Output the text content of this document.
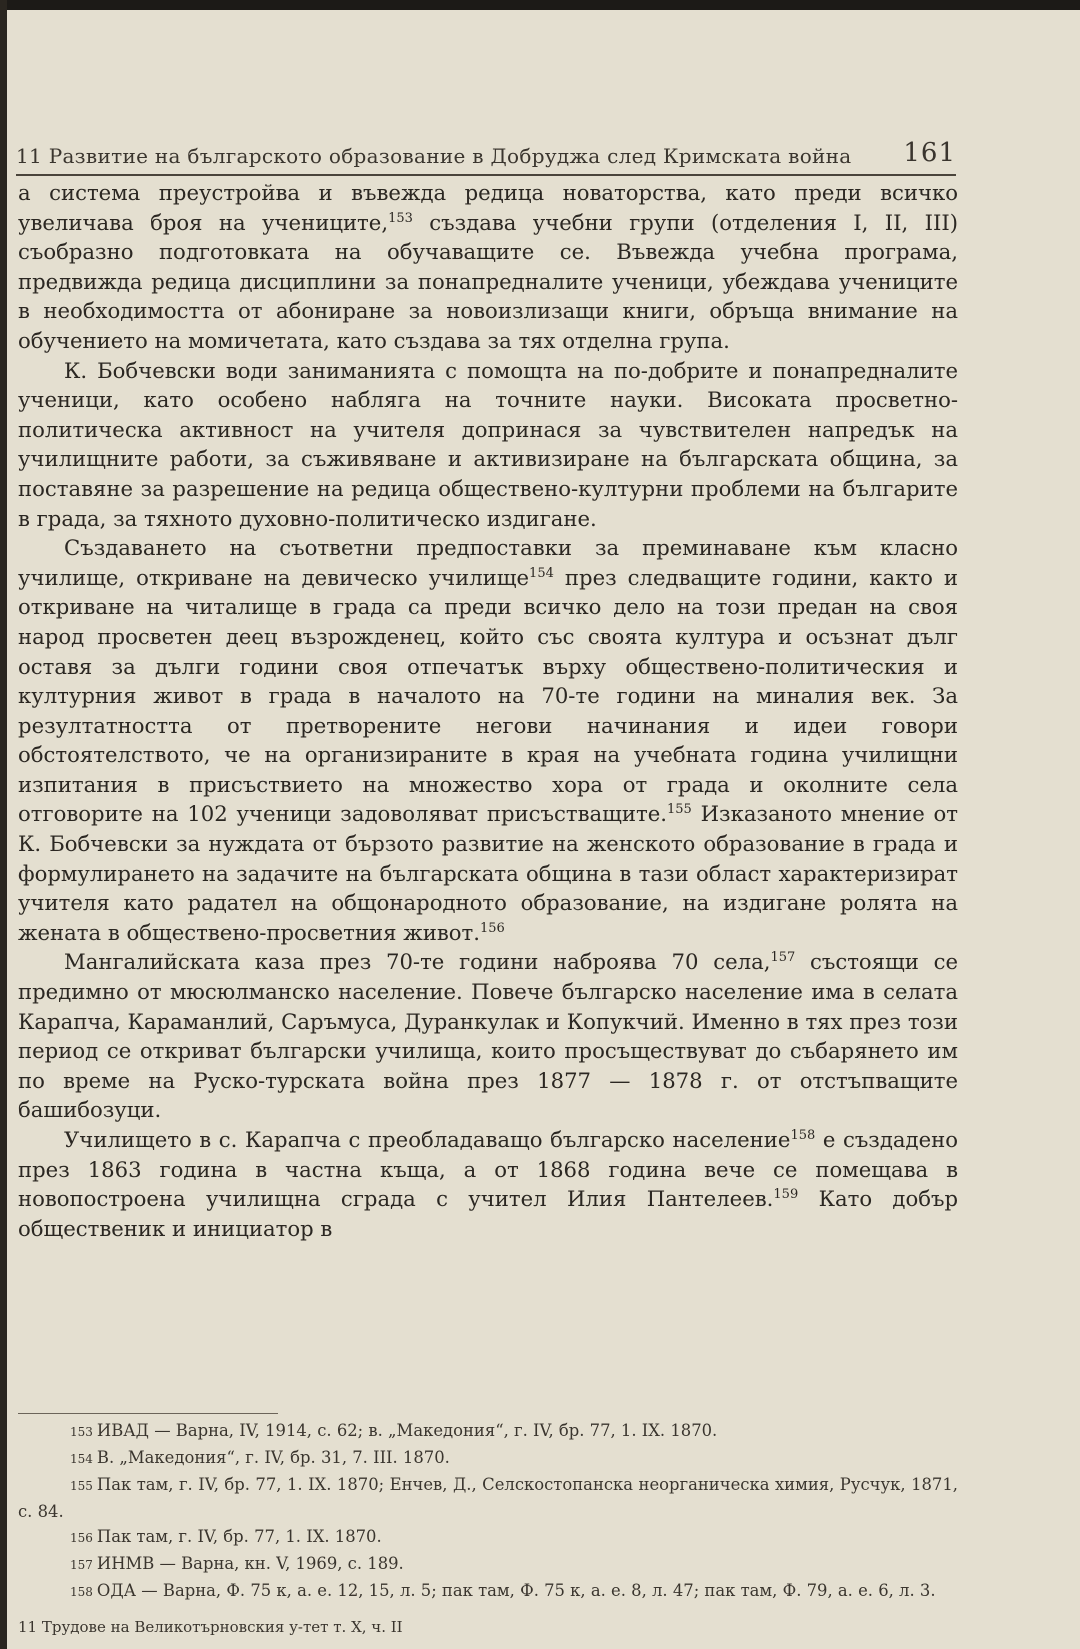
11 Развитие на българското образование в Добруджа след Кримската война 161

а система преустройва и въвежда редица новаторства, като преди всичко увеличава броя на учениците,$^{153}$ създава учебни групи (отделения I, II, III) съобразно подготовката на обучаващите се. Въвежда учебна програма, предвижда редица дисциплини за понапредналите ученици, убеждава учениците в необходимостта от абониране за новоизлизащи книги, обръща внимание на обучението на момичетата, като създава за тях отделна група.

К. Бобчевски води заниманията с помощта на по-добрите и понапредналите ученици, като особено набляга на точните науки. Високата просветно-политическа активност на учителя допринася за чувствителен напредък на училищните работи, за съживяване и активизиране на българската община, за поставяне за разрешение на редица обществено-културни проблеми на българите в града, за тяхното духовно-политическо издигане.

Създаването на съответни предпоставки за преминаване към класно училище, откриване на девическо училище$^{154}$ през следващите години, както и откриване на читалище в града са преди всичко дело на този предан на своя народ просветен деец възрожденец, който със своята култура и осъзнат дълг оставя за дълги години своя отпечатък върху обществено-политическия и културния живот в града в началото на 70-те години на миналия век. За резултатността от претворените негови начинания и идеи говори обстоятелството, че на организираните в края на учебната година училищни изпитания в присъствието на множество хора от града и околните села отговорите на 102 ученици задоволяват присъстващите.$^{155}$ Изказаното мнение от К. Бобчевски за нуждата от бързото развитие на женското образование в града и формулирането на задачите на българската община в тази област характеризират учителя като радател на общонародното образование, на издигане ролята на жената в обществено-просветния живот.$^{156}$

Мангалийската каза през 70-те години наброява 70 села,$^{157}$ състоящи се предимно от мюсюлманско население. Повече българско население има в селата Карапча, Караманлий, Саръмуса, Дуранкулак и Копукчий. Именно в тях през този период се откриват български училища, които просъществуват до събарянето им по време на Руско-турската война през 1877 — 1878 г. от отстъпващите башибозуци.

Училището в с. Карапча с преобладаващо българско население$^{158}$ е създадено през 1863 година в частна къща, а от 1868 година вече се помещава в новопостроена училищна сграда с учител Илия Пантелеев.$^{159}$ Като добър общественик и инициатор в

153 ИВАД — Варна, IV, 1914, с. 62; в. „Македония“, г. IV, бр. 77, 1. IX. 1870.
154 В. „Македония“, г. IV, бр. 31, 7. III. 1870.
155 Пак там, г. IV, бр. 77, 1. IX. 1870; Енчев, Д., Селскостопанска неорганическа химия, Русчук, 1871, с. 84.
156 Пак там, г. IV, бр. 77, 1. IX. 1870.
157 ИНМВ — Варна, кн. V, 1969, с. 189.
158 ОДА — Варна, Ф. 75 к, а. е. 12, 15, л. 5; пак там, Ф. 75 к, а. е. 8, л. 47; пак там, Ф. 79, а. е. 6, л. 3.
11 Трудове на Великотърновския у-тет т. X, ч. II
